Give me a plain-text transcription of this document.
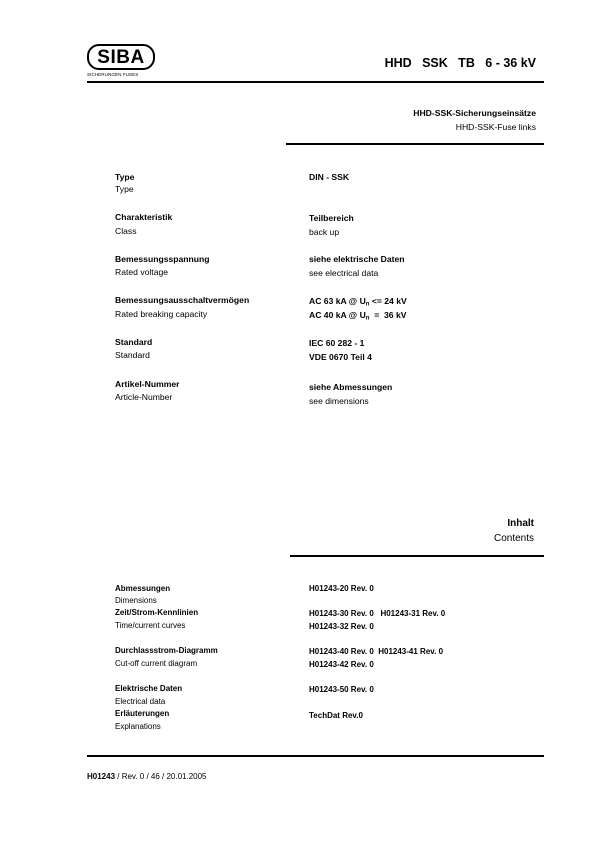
SIBA
SICHERUNGEN FUSES
HHD   SSK   TB   6 - 36 kV
HHD-SSK-Sicherungseinsätze
HHD-SSK-Fuse links
Type
Type
DIN - SSK
Charakteristik
Class
Teilbereich
back up
Bemessungsspannung
Rated voltage
siehe elektrische Daten
see electrical data
Bemessungsausschaltvermögen
Rated breaking capacity
AC 63 kA @ $U_n <= 24$ kV
AC 40 kA @ $U_n = 36$ kV
Standard
Standard
IEC 60 282 - 1
VDE 0670 Teil 4
Artikel-Nummer
Article-Number
siehe Abmessungen
see dimensions
Inhalt
Contents
Abmessungen
Dimensions
H01243-20 Rev. 0
Zeit/Strom-Kennlinien
Time/current curves
H01243-30 Rev. 0   H01243-31 Rev. 0
H01243-32 Rev. 0
Durchlassstrom-Diagramm
Cut-off current diagram
H01243-40 Rev. 0  H01243-41 Rev. 0
H01243-42 Rev. 0
Elektrische Daten
Electrical data
H01243-50 Rev. 0
Erläuterungen
Explanations
TechDat Rev.0
H01243 / Rev. 0 / 46 / 20.01.2005
